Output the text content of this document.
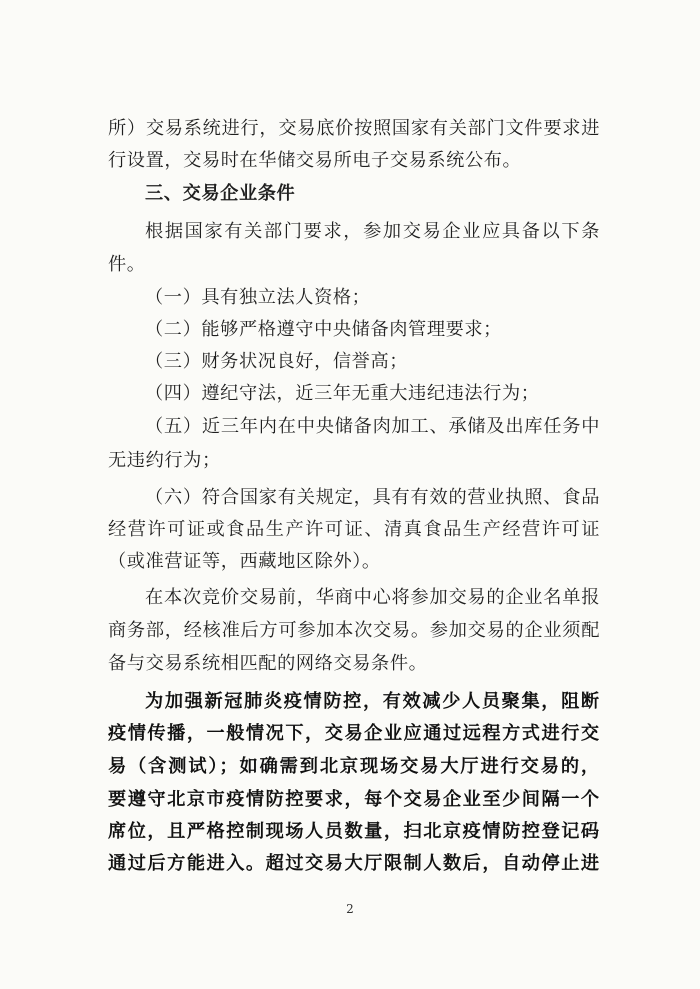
所）交易系统进行，交易底价按照国家有关部门文件要求进
行设置，交易时在华储交易所电子交易系统公布。
三、交易企业条件
根据国家有关部门要求，参加交易企业应具备以下条
件。
（一）具有独立法人资格；
（二）能够严格遵守中央储备肉管理要求；
（三）财务状况良好，信誉高；
（四）遵纪守法，近三年无重大违纪违法行为；
（五）近三年内在中央储备肉加工、承储及出库任务中
无违约行为；
（六）符合国家有关规定，具有有效的营业执照、食品
经营许可证或食品生产许可证、清真食品生产经营许可证
（或准营证等，西藏地区除外）。
在本次竞价交易前，华商中心将参加交易的企业名单报
商务部，经核准后方可参加本次交易。参加交易的企业须配
备与交易系统相匹配的网络交易条件。
为加强新冠肺炎疫情防控，有效减少人员聚集，阻断
疫情传播，一般情况下，交易企业应通过远程方式进行交
易（含测试）；如确需到北京现场交易大厅进行交易的，
要遵守北京市疫情防控要求，每个交易企业至少间隔一个
席位，且严格控制现场人员数量，扫北京疫情防控登记码
通过后方能进入。超过交易大厅限制人数后，自动停止进
2
